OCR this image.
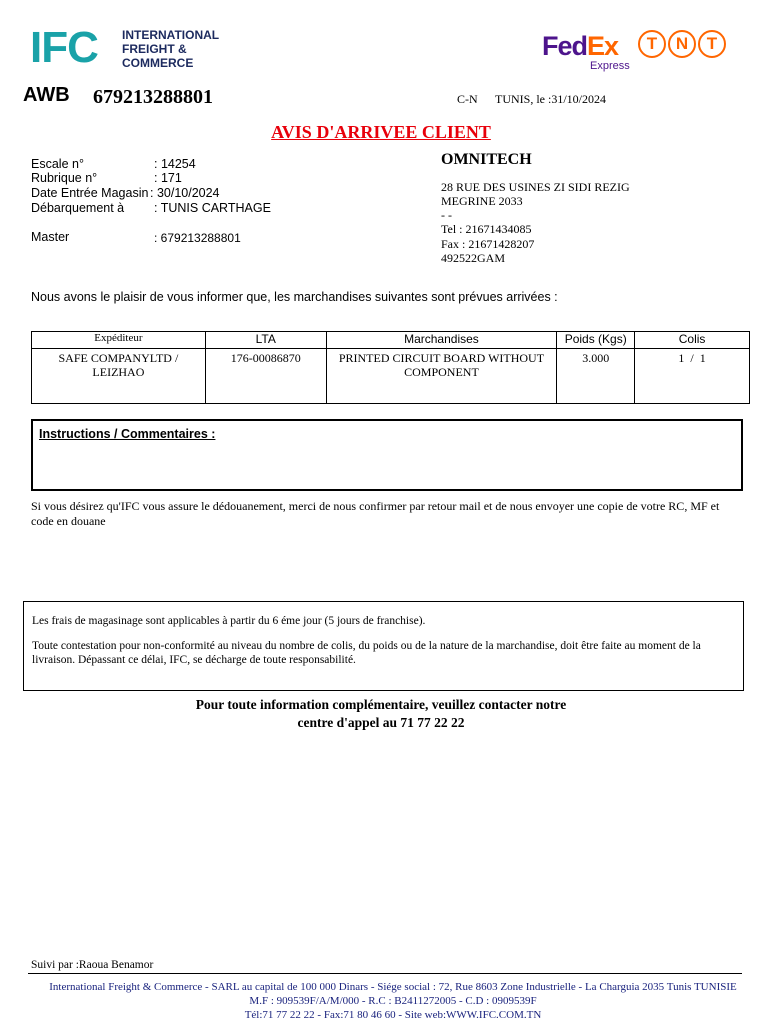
IFC INTERNATIONAL
FREIGHT &
COMMERCE
FedEx
Express
T N T
AWB 679213288801	C-N TUNIS, le :31/10/2024
AVIS D'ARRIVEE CLIENT
Escale n°	: 14254
Rubrique n°	: 171
Date Entrée Magasin : 30/10/2024
Débarquement à : TUNIS CARTHAGE
Master	: 679213288801
OMNITECH
28 RUE DES USINES ZI SIDI REZIG
MEGRINE 2033
- -
Tel : 21671434085
Fax : 21671428207
492522GAM
Nous avons le plaisir de vous informer que, les marchandises suivantes sont prévues arrivées :
Expéditeur	LTA	Marchandises	Poids (Kgs)	Colis
SAFE COMPANYLTD / LEIZHAO	176-00086870	PRINTED CIRCUIT BOARD WITHOUT COMPONENT	3.000	1  /  1
Instructions / Commentaires :
Si vous désirez qu'IFC vous assure le dédouanement, merci de nous confirmer par retour mail et de nous envoyer une copie de votre RC, MF et code en douane

Les frais de magasinage sont applicables à partir du 6 éme jour (5 jours de franchise).

Toute contestation pour non-conformité au niveau du nombre de colis, du poids ou de la nature de la marchandise, doit être faite au moment de la livraison. Dépassant ce délai, IFC, se décharge de toute responsabilité.

Pour toute information complémentaire, veuillez contacter notre
centre d'appel au 71 77 22 22
Suivi par :Raoua Benamor
International Freight & Commerce - SARL au capital de 100 000 Dinars - Siége social : 72, Rue 8603 Zone Industrielle - La Charguia 2035 Tunis TUNISIE
M.F : 909539F/A/M/000 - R.C : B2411272005 - C.D : 0909539F
Tél:71 77 22 22 - Fax:71 80 46 60 - Site web:WWW.IFC.COM.TN
